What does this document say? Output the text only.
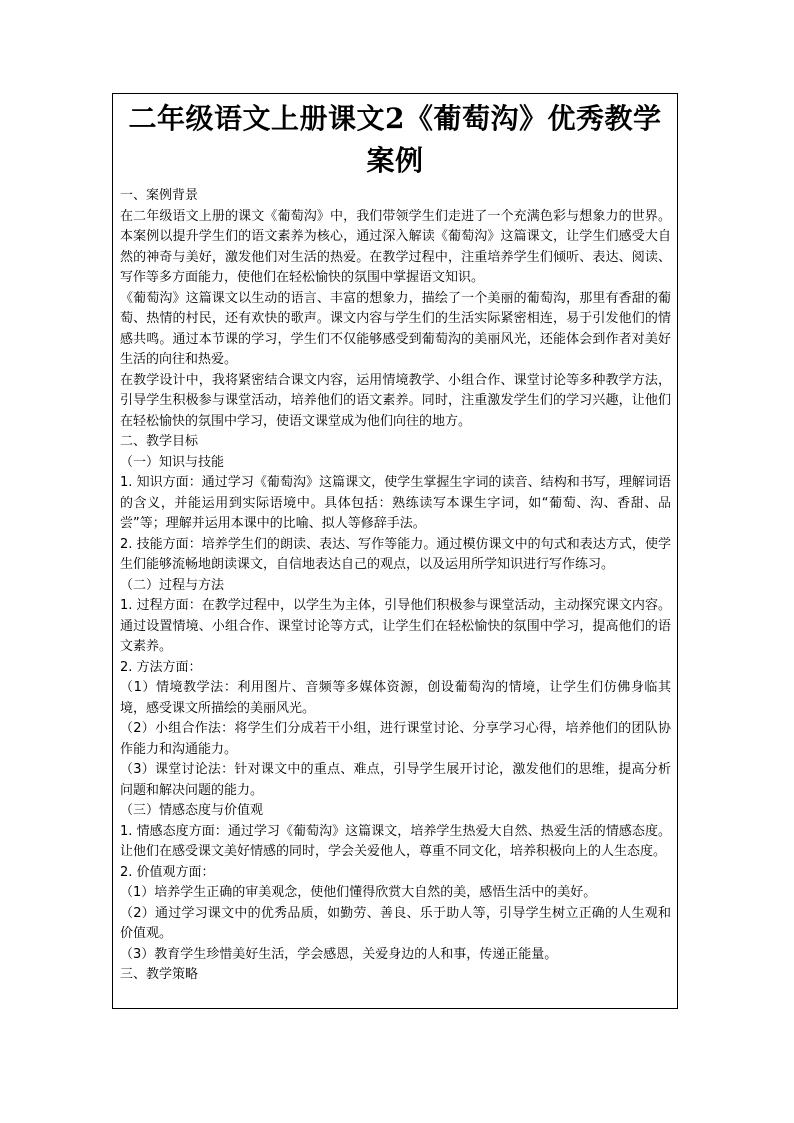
二年级语文上册课文2《葡萄沟》优秀教学案例

一、案例背景

在二年级语文上册的课文《葡萄沟》中，我们带领学生们走进了一个充满色彩与想象力的世界。本案例以提升学生们的语文素养为核心，通过深入解读《葡萄沟》这篇课文，让学生们感受大自然的神奇与美好，激发他们对生活的热爱。在教学过程中，注重培养学生们倾听、表达、阅读、写作等多方面能力，使他们在轻松愉快的氛围中掌握语文知识。

《葡萄沟》这篇课文以生动的语言、丰富的想象力，描绘了一个美丽的葡萄沟，那里有香甜的葡萄、热情的村民，还有欢快的歌声。课文内容与学生们的生活实际紧密相连，易于引发他们的情感共鸣。通过本节课的学习，学生们不仅能够感受到葡萄沟的美丽风光，还能体会到作者对美好生活的向往和热爱。

在教学设计中，我将紧密结合课文内容，运用情境教学、小组合作、课堂讨论等多种教学方法，引导学生积极参与课堂活动，培养他们的语文素养。同时，注重激发学生们的学习兴趣，让他们在轻松愉快的氛围中学习，使语文课堂成为他们向往的地方。

二、教学目标

（一）知识与技能

1. 知识方面：通过学习《葡萄沟》这篇课文，使学生掌握生字词的读音、结构和书写，理解词语的含义，并能运用到实际语境中。具体包括：熟练读写本课生字词，如“葡萄、沟、香甜、品尝”等；理解并运用本课中的比喻、拟人等修辞手法。

2. 技能方面：培养学生们的朗读、表达、写作等能力。通过模仿课文中的句式和表达方式，使学生们能够流畅地朗读课文，自信地表达自己的观点，以及运用所学知识进行写作练习。

（二）过程与方法

1. 过程方面：在教学过程中，以学生为主体，引导他们积极参与课堂活动，主动探究课文内容。通过设置情境、小组合作、课堂讨论等方式，让学生们在轻松愉快的氛围中学习，提高他们的语文素养。

2. 方法方面：

（1）情境教学法：利用图片、音频等多媒体资源，创设葡萄沟的情境，让学生们仿佛身临其境，感受课文所描绘的美丽风光。

（2）小组合作法：将学生们分成若干小组，进行课堂讨论、分享学习心得，培养他们的团队协作能力和沟通能力。

（3）课堂讨论法：针对课文中的重点、难点，引导学生展开讨论，激发他们的思维，提高分析问题和解决问题的能力。

（三）情感态度与价值观

1. 情感态度方面：通过学习《葡萄沟》这篇课文，培养学生热爱大自然、热爱生活的情感态度。让他们在感受课文美好情感的同时，学会关爱他人，尊重不同文化，培养积极向上的人生态度。

2. 价值观方面：

（1）培养学生正确的审美观念，使他们懂得欣赏大自然的美，感悟生活中的美好。

（2）通过学习课文中的优秀品质，如勤劳、善良、乐于助人等，引导学生树立正确的人生观和价值观。

（3）教育学生珍惜美好生活，学会感恩，关爱身边的人和事，传递正能量。

三、教学策略
